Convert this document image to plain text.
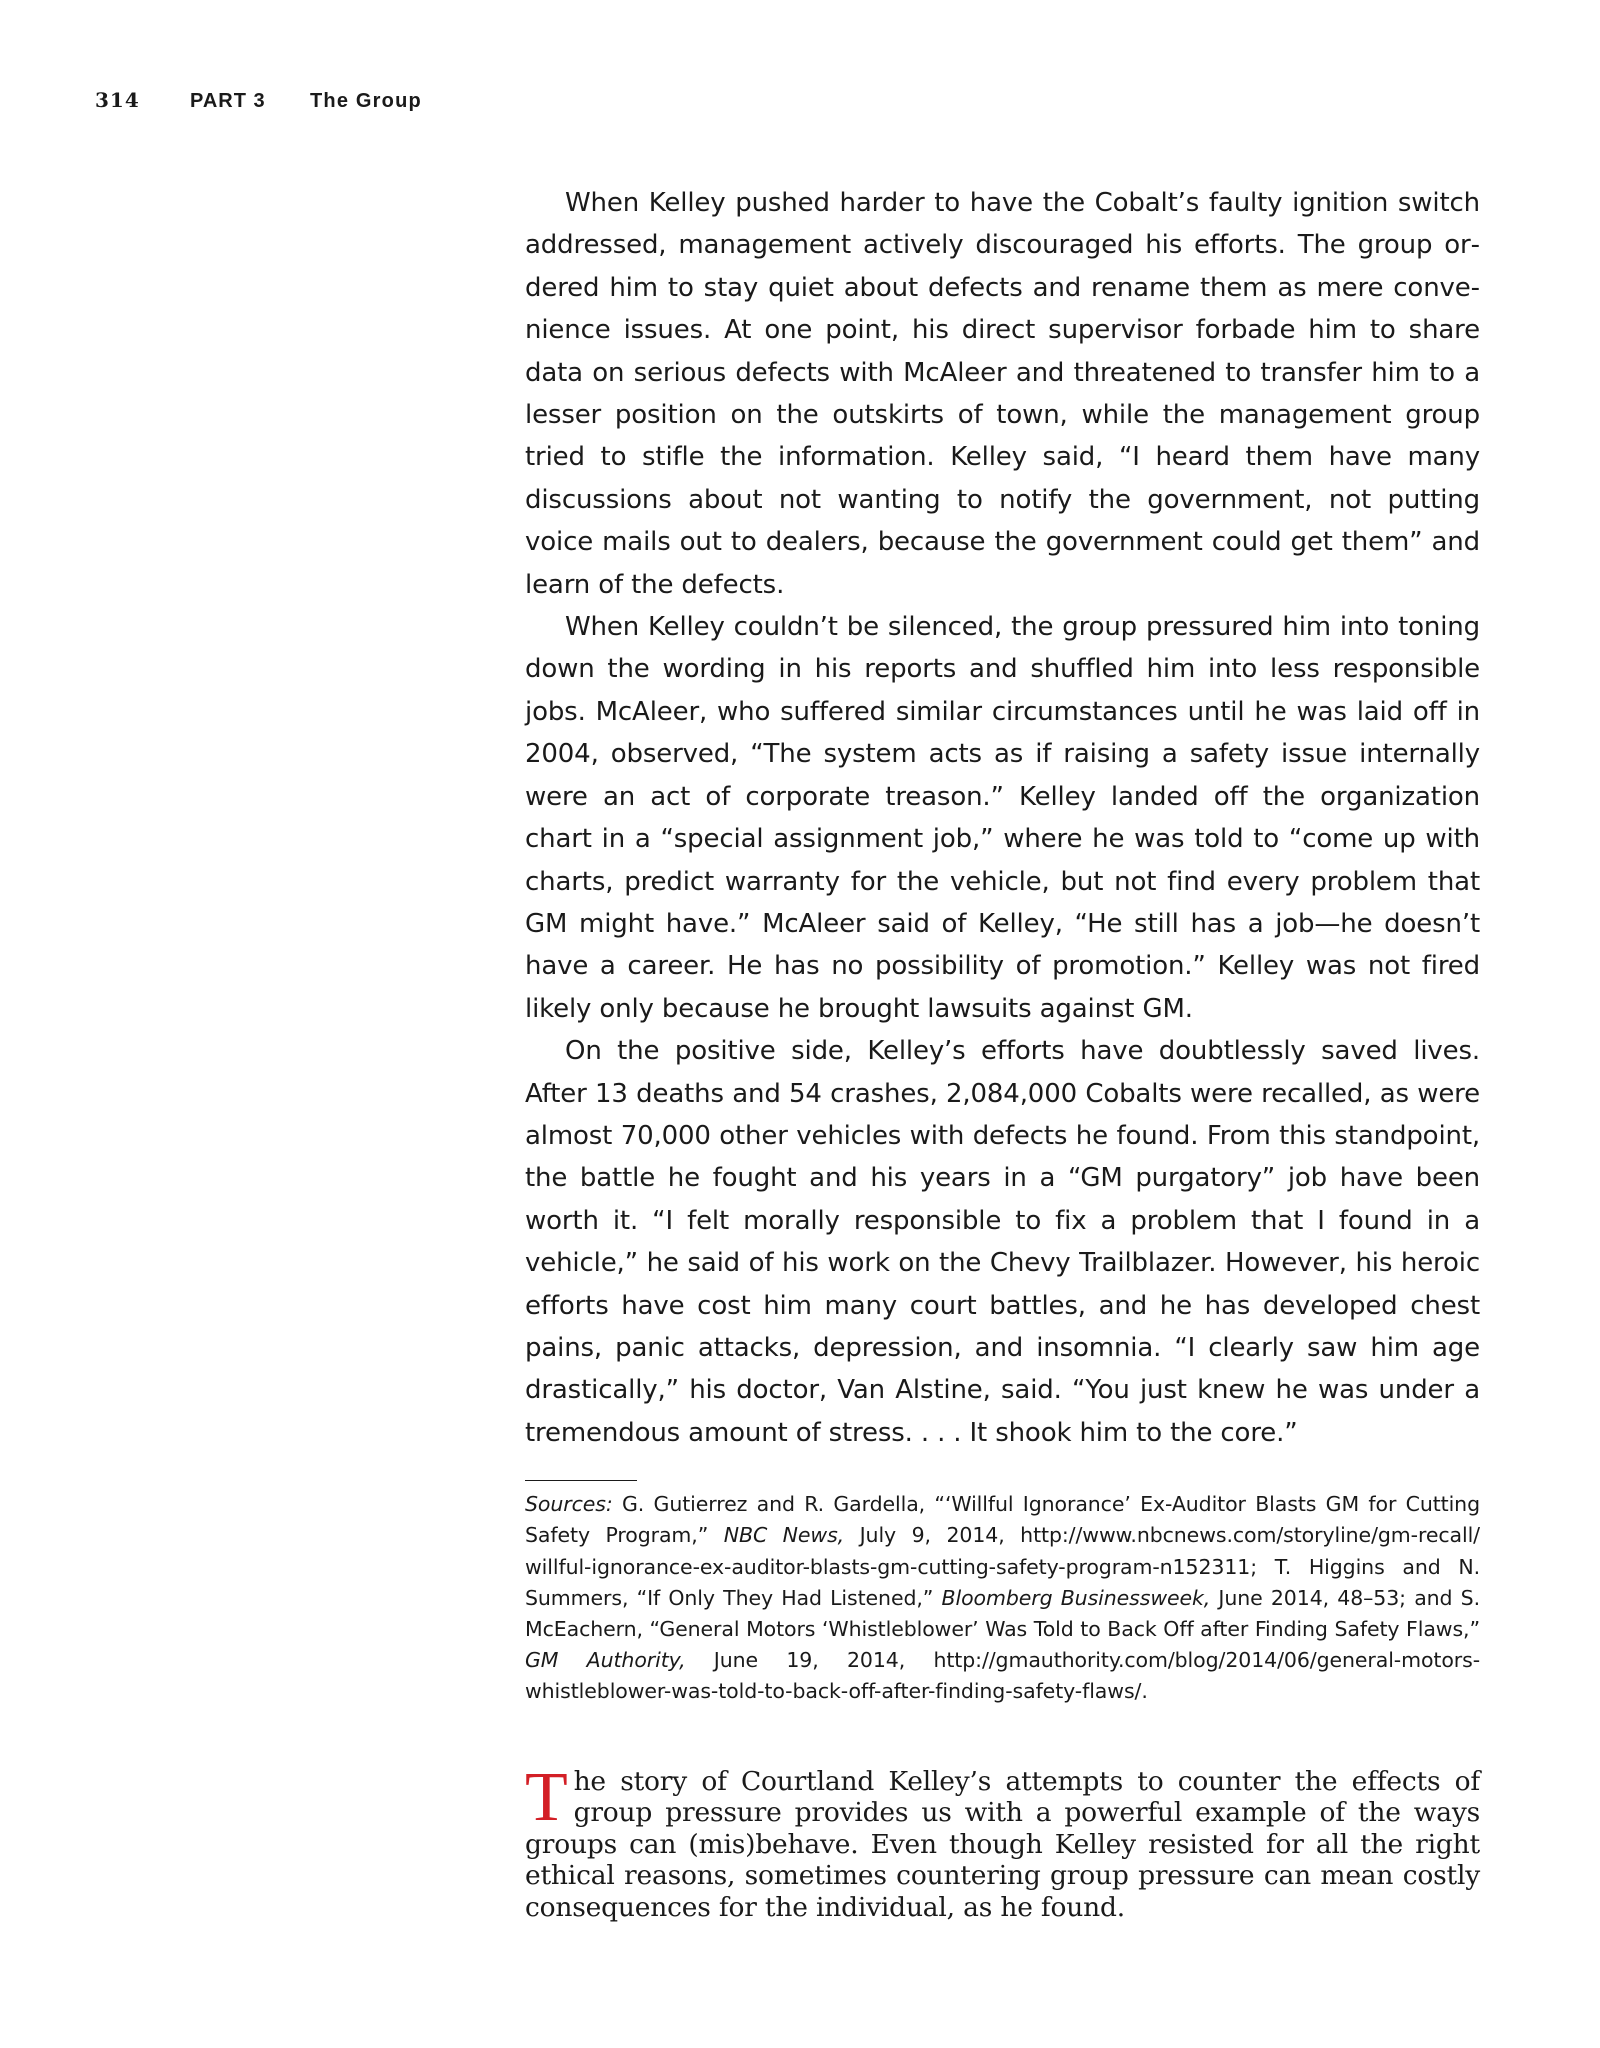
314	PART 3	The Group

When Kelley pushed harder to have the Cobalt’s faulty ignition switch addressed, management actively discouraged his efforts. The group ordered him to stay quiet about defects and rename them as mere convenience issues. At one point, his direct supervisor forbade him to share data on serious defects with McAleer and threatened to transfer him to a lesser position on the outskirts of town, while the management group tried to stifle the information. Kelley said, “I heard them have many discussions about not wanting to notify the government, not putting voice mails out to dealers, because the government could get them” and learn of the defects.

When Kelley couldn’t be silenced, the group pressured him into toning down the wording in his reports and shuffled him into less responsible jobs. McAleer, who suffered similar circumstances until he was laid off in 2004, observed, “The system acts as if raising a safety issue internally were an act of corporate treason.” Kelley landed off the organization chart in a “special assignment job,” where he was told to “come up with charts, predict warranty for the vehicle, but not find every problem that GM might have.” McAleer said of Kelley, “He still has a job—he doesn’t have a career. He has no possibility of promotion.” Kelley was not fired likely only because he brought lawsuits against GM.

On the positive side, Kelley’s efforts have doubtlessly saved lives. After 13 deaths and 54 crashes, 2,084,000 Cobalts were recalled, as were almost 70,000 other vehicles with defects he found. From this standpoint, the battle he fought and his years in a “GM purgatory” job have been worth it. “I felt morally responsible to fix a problem that I found in a vehicle,” he said of his work on the Chevy Trailblazer. However, his heroic efforts have cost him many court battles, and he has developed chest pains, panic attacks, depression, and insomnia. “I clearly saw him age drastically,” his doctor, Van Alstine, said. “You just knew he was under a tremendous amount of stress. . . . It shook him to the core.”

Sources: G. Gutierrez and R. Gardella, “‘Willful Ignorance’ Ex-Auditor Blasts GM for Cutting Safety Program,” NBC News, July 9, 2014, http://www.nbcnews.com/storyline/gm-recall/​willful-ignorance-ex-auditor-blasts-gm-cutting-safety-program-n152311; T. Higgins and N. Summers, “If Only They Had Listened,” Bloomberg Businessweek, June 2014, 48–53; and S. McEachern, “General Motors ‘Whistleblower’ Was Told to Back Off after Finding Safety Flaws,” GM Authority, June 19, 2014, http://gmauthority.com/blog/2014/06/general-​motors-whistleblower-was-told-to-back-off-after-finding-safety-flaws/.
The story of Courtland Kelley’s attempts to counter the effects of group pressure provides us with a powerful example of the ways groups can (mis)behave. Even though Kelley resisted for all the right ethical reasons, sometimes countering group pressure can mean costly consequences for the individual, as he found.
